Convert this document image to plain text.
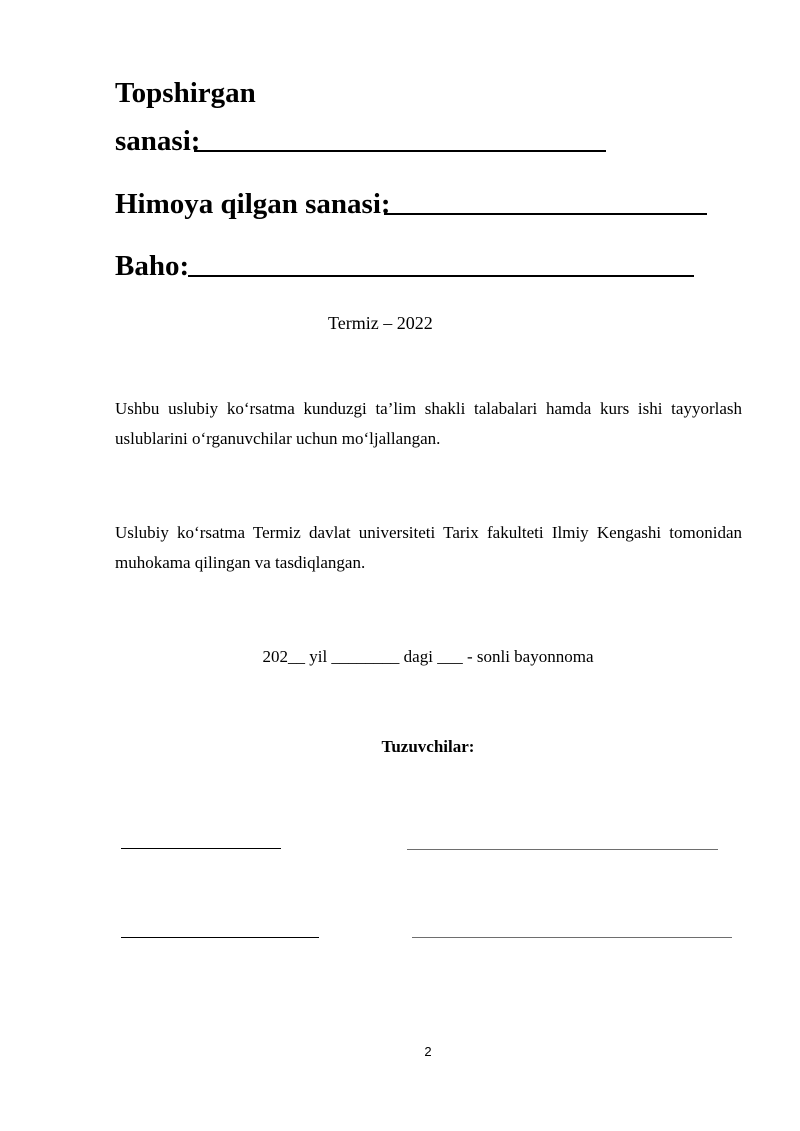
Topshirgan
sanasi:
Himoya qilgan sanasi:
Baho:
Termiz – 2022
Ushbu uslubiy ko‘rsatma kunduzgi ta’lim shakli talabalari hamda kurs ishi tayyorlash uslublarini o‘rganuvchilar uchun mo‘ljallangan.
Uslubiy ko‘rsatma Termiz davlat universiteti Tarix fakulteti Ilmiy Kengashi tomonidan muhokama qilingan va tasdiqlangan.
202__ yil ________ dagi ___ - sonli bayonnoma
Tuzuvchilar:
2
